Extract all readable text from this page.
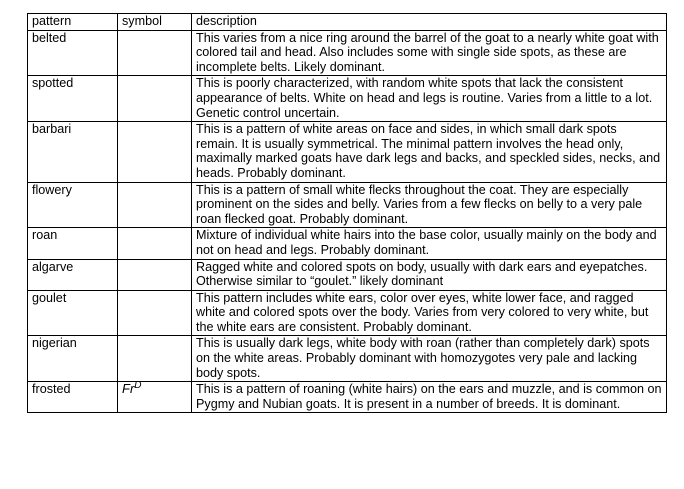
pattern	symbol	description
belted		This varies from a nice ring around the barrel of the goat to a nearly white goat with colored tail and head. Also includes some with single side spots, as these are incomplete belts. Likely dominant.
spotted		This is poorly characterized, with random white spots that lack the consistent appearance of belts. White on head and legs is routine. Varies from a little to a lot. Genetic control uncertain.
barbari		This is a pattern of white areas on face and sides, in which small dark spots remain. It is usually symmetrical. The minimal pattern involves the head only, maximally marked goats have dark legs and backs, and speckled sides, necks, and heads. Probably dominant.
flowery		This is a pattern of small white flecks throughout the coat. They are especially prominent on the sides and belly. Varies from a few flecks on belly to a very pale roan flecked goat. Probably dominant.
roan		Mixture of individual white hairs into the base color, usually mainly on the body and not on head and legs. Probably dominant.
algarve		Ragged white and colored spots on body, usually with dark ears and eyepatches. Otherwise similar to “goulet.” likely dominant
goulet		This pattern includes white ears, color over eyes, white lower face, and ragged white and colored spots over the body. Varies from very colored to very white, but the white ears are consistent. Probably dominant.
nigerian		This is usually dark legs, white body with roan (rather than completely dark) spots on the white areas. Probably dominant with homozygotes very pale and lacking body spots.
frosted	$Fr^D$	This is a pattern of roaning (white hairs) on the ears and muzzle, and is common on Pygmy and Nubian goats. It is present in a number of breeds. It is dominant.
